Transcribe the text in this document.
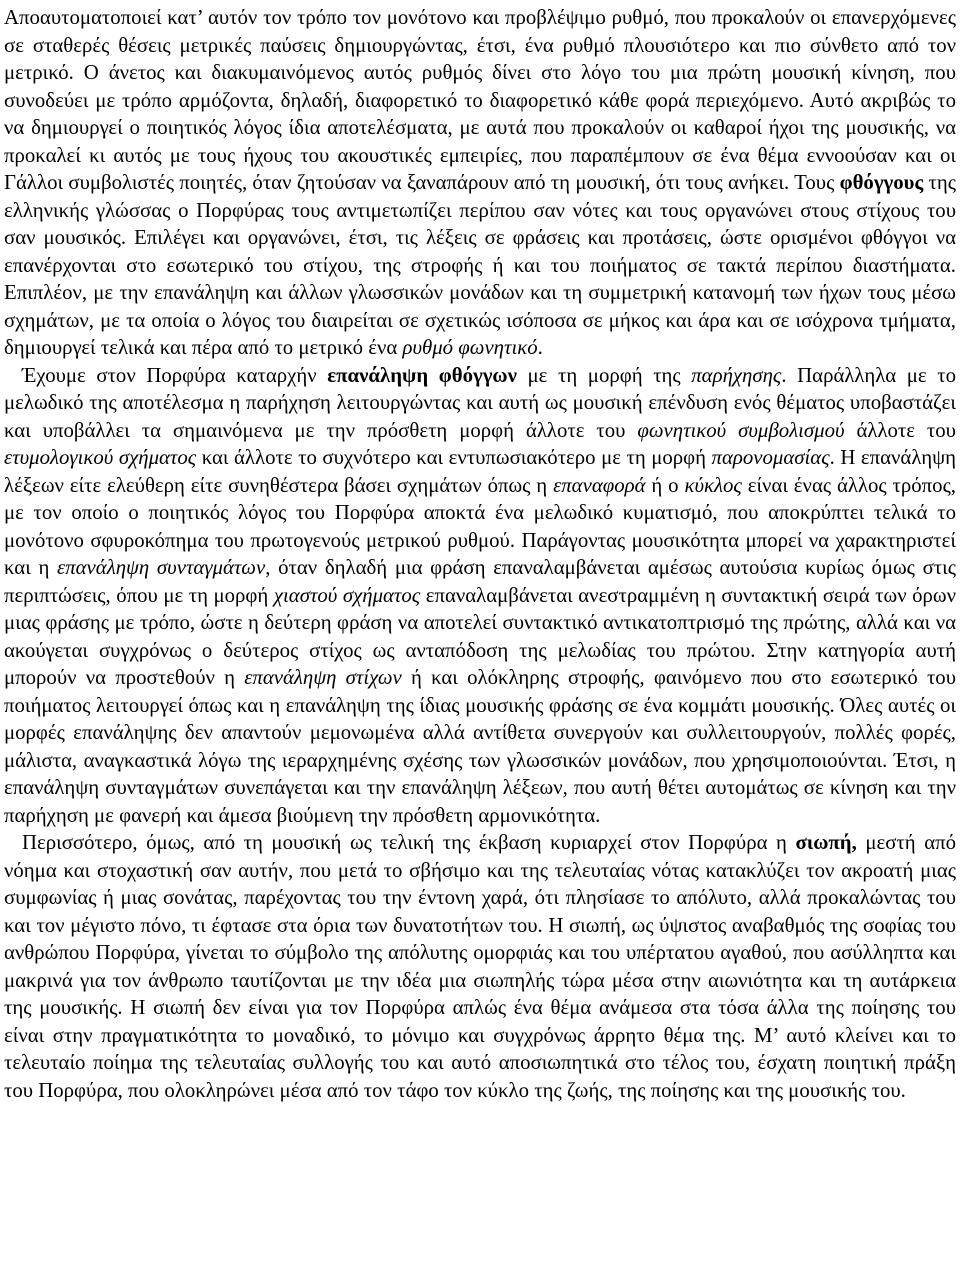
Αποαυτοματοποιεί κατ’ αυτόν τον τρόπο τον μονότονο και προβλέψιμο ρυθμό, που προκαλούν οι επανερχόμενες σε σταθερές θέσεις μετρικές παύσεις δημιουργώντας, έτσι, ένα ρυθμό πλουσιότερο και πιο σύνθετο από τον μετρικό. Ο άνετος και διακυμαινόμενος αυτός ρυθμός δίνει στο λόγο του μια πρώτη μουσική κίνηση, που συνοδεύει με τρόπο αρμόζοντα, δηλαδή, διαφορετικό το διαφορετικό κάθε φορά περιεχόμενο. Αυτό ακριβώς το να δημιουργεί ο ποιητικός λόγος ίδια αποτελέσματα, με αυτά που προκαλούν οι καθαροί ήχοι της μουσικής, να προκαλεί κι αυτός με τους ήχους του ακουστικές εμπειρίες, που παραπέμπουν σε ένα θέμα εννοούσαν και οι Γάλλοι συμβολιστές ποιητές, όταν ζητούσαν να ξαναπάρουν από τη μουσική, ότι τους ανήκει. Τους φθόγγους της ελληνικής γλώσσας ο Πορφύρας τους αντιμετωπίζει περίπου σαν νότες και τους οργανώνει στους στίχους του σαν μουσικός. Επιλέγει και οργανώνει, έτσι, τις λέξεις σε φράσεις και προτάσεις, ώστε ορισμένοι φθόγγοι να επανέρχονται στο εσωτερικό του στίχου, της στροφής ή και του ποιήματος σε τακτά περίπου διαστήματα. Επιπλέον, με την επανάληψη και άλλων γλωσσικών μονάδων και τη συμμετρική κατανομή των ήχων τους μέσω σχημάτων, με τα οποία ο λόγος του διαιρείται σε σχετικώς ισόποσα σε μήκος και άρα και σε ισόχρονα τμήματα, δημιουργεί τελικά και πέρα από το μετρικό ένα ρυθμό φωνητικό.

Έχουμε στον Πορφύρα καταρχήν επανάληψη φθόγγων με τη μορφή της παρήχησης. Παράλληλα με το μελωδικό της αποτέλεσμα η παρήχηση λειτουργώντας και αυτή ως μουσική επένδυση ενός θέματος υποβαστάζει και υποβάλλει τα σημαινόμενα με την πρόσθετη μορφή άλλοτε του φωνητικού συμβολισμού άλλοτε του ετυμολογικού σχήματος και άλλοτε το συχνότερο και εντυπωσιακότερο με τη μορφή παρονομασίας. Η επανάληψη λέξεων είτε ελεύθερη είτε συνηθέστερα βάσει σχημάτων όπως η επαναφορά ή ο κύκλος είναι ένας άλλος τρόπος, με τον οποίο ο ποιητικός λόγος του Πορφύρα αποκτά ένα μελωδικό κυματισμό, που αποκρύπτει τελικά το μονότονο σφυροκόπημα του πρωτογενούς μετρικού ρυθμού. Παράγοντας μουσικότητα μπορεί να χαρακτηριστεί και η επανάληψη συνταγμάτων, όταν δηλαδή μια φράση επαναλαμβάνεται αμέσως αυτούσια κυρίως όμως στις περιπτώσεις, όπου με τη μορφή χιαστού σχήματος επαναλαμβάνεται ανεστραμμένη η συντακτική σειρά των όρων μιας φράσης με τρόπο, ώστε η δεύτερη φράση να αποτελεί συντακτικό αντικατοπτρισμό της πρώτης, αλλά και να ακούγεται συγχρόνως ο δεύτερος στίχος ως ανταπόδοση της μελωδίας του πρώτου. Στην κατηγορία αυτή μπορούν να προστεθούν η επανάληψη στίχων ή και ολόκληρης στροφής, φαινόμενο που στο εσωτερικό του ποιήματος λειτουργεί όπως και η επανάληψη της ίδιας μουσικής φράσης σε ένα κομμάτι μουσικής. Όλες αυτές οι μορφές επανάληψης δεν απαντούν μεμονωμένα αλλά αντίθετα συνεργούν και συλλειτουργούν, πολλές φορές, μάλιστα, αναγκαστικά λόγω της ιεραρχημένης σχέσης των γλωσσικών μονάδων, που χρησιμοποιούνται. Έτσι, η επανάληψη συνταγμάτων συνεπάγεται και την επανάληψη λέξεων, που αυτή θέτει αυτομάτως σε κίνηση και την παρήχηση με φανερή και άμεσα βιούμενη την πρόσθετη αρμονικότητα.

Περισσότερο, όμως, από τη μουσική ως τελική της έκβαση κυριαρχεί στον Πορφύρα η σιωπή, μεστή από νόημα και στοχαστική σαν αυτήν, που μετά το σβήσιμο και της τελευταίας νότας κατακλύζει τον ακροατή μιας συμφωνίας ή μιας σονάτας, παρέχοντας του την έντονη χαρά, ότι πλησίασε το απόλυτο, αλλά προκαλώντας του και τον μέγιστο πόνο, τι έφτασε στα όρια των δυνατοτήτων του. Η σιωπή, ως ύψιστος αναβαθμός της σοφίας του ανθρώπου Πορφύρα, γίνεται το σύμβολο της απόλυτης ομορφιάς και του υπέρτατου αγαθού, που ασύλληπτα και μακρινά για τον άνθρωπο ταυτίζονται με την ιδέα μια σιωπηλής τώρα μέσα στην αιωνιότητα και τη αυτάρκεια της μουσικής. Η σιωπή δεν είναι για τον Πορφύρα απλώς ένα θέμα ανάμεσα στα τόσα άλλα της ποίησης του είναι στην πραγματικότητα το μοναδικό, το μόνιμο και συγχρόνως άρρητο θέμα της. Μ’ αυτό κλείνει και το τελευταίο ποίημα της τελευταίας συλλογής του και αυτό αποσιωπητικά στο τέλος του, έσχατη ποιητική πράξη του Πορφύρα, που ολοκληρώνει μέσα από τον τάφο τον κύκλο της ζωής, της ποίησης και της μουσικής του.
